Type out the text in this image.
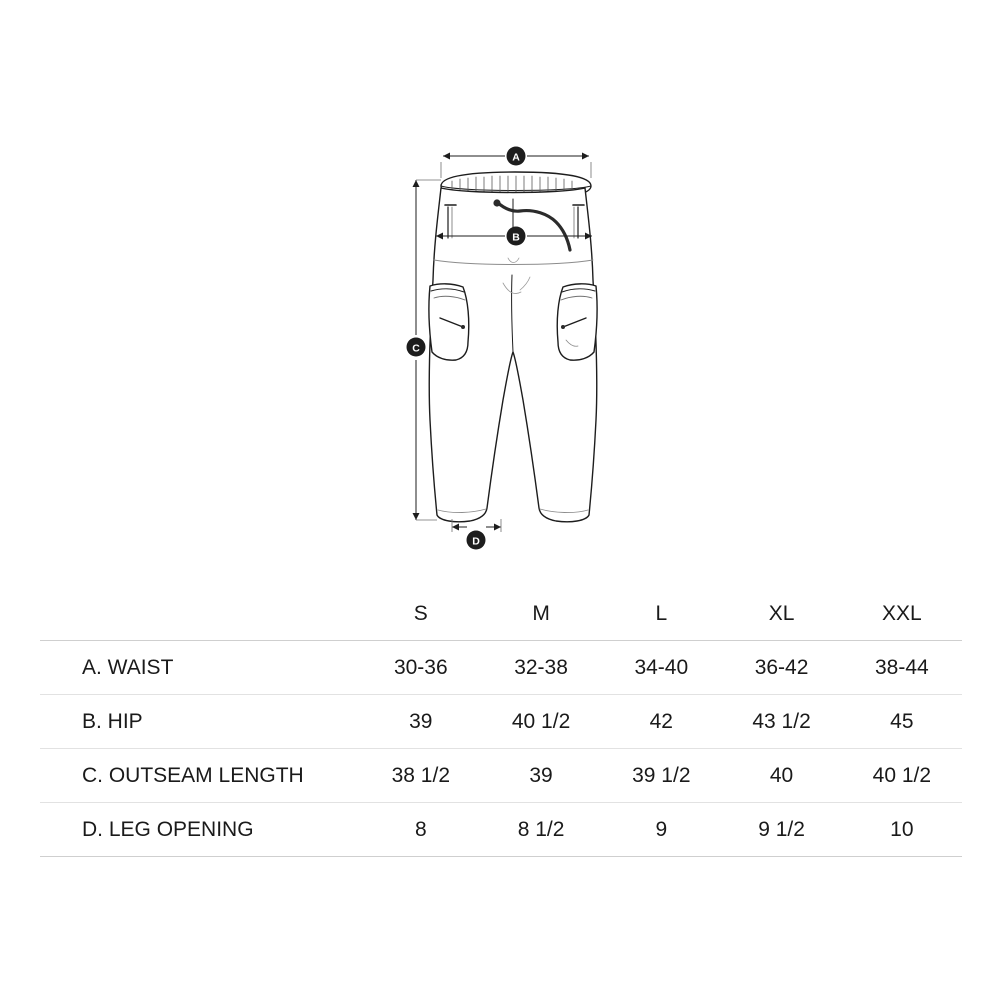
A
B
C
D
	S	M	L	XL	XXL
A. WAIST	30-36	32-38	34-40	36-42	38-44
B. HIP	39	40 1/2	42	43 1/2	45
C. OUTSEAM LENGTH	38 1/2	39	39 1/2	40	40 1/2
D. LEG OPENING	8	8 1/2	9	9 1/2	10
